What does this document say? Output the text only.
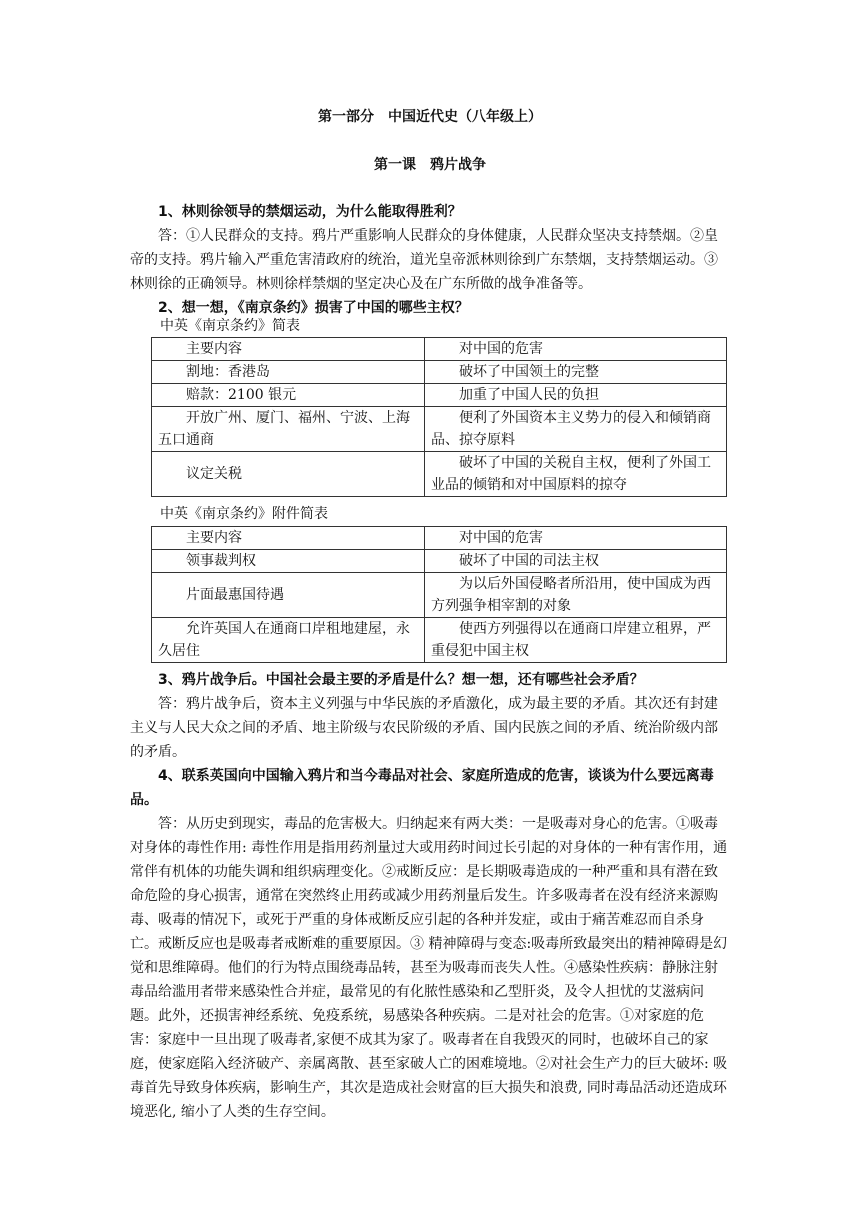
第一部分　中国近代史（八年级上）
第一课　鸦片战争
1、林则徐领导的禁烟运动，为什么能取得胜利？
答：①人民群众的支持。鸦片严重影响人民群众的身体健康，人民群众坚决支持禁烟。②皇帝的支持。鸦片输入严重危害清政府的统治，道光皇帝派林则徐到广东禁烟，支持禁烟运动。③林则徐的正确领导。林则徐样禁烟的坚定决心及在广东所做的战争准备等。
2、想一想，《南京条约》损害了中国的哪些主权？
中英《南京条约》简表
主要内容	对中国的危害
割地：香港岛	破坏了中国领土的完整
赔款：2100 银元	加重了中国人民的负担
开放广州、厦门、福州、宁波、上海五口通商	便利了外国资本主义势力的侵入和倾销商品、掠夺原料
议定关税	破坏了中国的关税自主权，便利了外国工业品的倾销和对中国原料的掠夺
中英《南京条约》附件简表
主要内容	对中国的危害
领事裁判权	破坏了中国的司法主权
片面最惠国待遇	为以后外国侵略者所沿用，使中国成为西方列强争相宰割的对象
允许英国人在通商口岸租地建屋，永久居住	使西方列强得以在通商口岸建立租界，严重侵犯中国主权
3、鸦片战争后。中国社会最主要的矛盾是什么？想一想，还有哪些社会矛盾？
答：鸦片战争后，资本主义列强与中华民族的矛盾激化，成为最主要的矛盾。其次还有封建主义与人民大众之间的矛盾、地主阶级与农民阶级的矛盾、国内民族之间的矛盾、统治阶级内部的矛盾。
4、联系英国向中国输入鸦片和当今毒品对社会、家庭所造成的危害，谈谈为什么要远离毒品。
答：从历史到现实，毒品的危害极大。归纳起来有两大类：一是吸毒对身心的危害。①吸毒对身体的毒性作用: 毒性作用是指用药剂量过大或用药时间过长引起的对身体的一种有害作用，通常伴有机体的功能失调和组织病理变化。②戒断反应：是长期吸毒造成的一种严重和具有潜在致命危险的身心损害，通常在突然终止用药或减少用药剂量后发生。许多吸毒者在没有经济来源购毒、吸毒的情况下，或死于严重的身体戒断反应引起的各种并发症，或由于痛苦难忍而自杀身亡。戒断反应也是吸毒者戒断难的重要原因。③ 精神障碍与变态:吸毒所致最突出的精神障碍是幻觉和思维障碍。他们的行为特点围绕毒品转，甚至为吸毒而丧失人性。④感染性疾病：静脉注射毒品给滥用者带来感染性合并症，最常见的有化脓性感染和乙型肝炎，及令人担忧的艾滋病问题。此外，还损害神经系统、免疫系统，易感染各种疾病。二是对社会的危害。①对家庭的危害：家庭中一旦出现了吸毒者,家便不成其为家了。吸毒者在自我毁灭的同时，也破坏自己的家庭，使家庭陷入经济破产、亲属离散、甚至家破人亡的困难境地。②对社会生产力的巨大破坏: 吸毒首先导致身体疾病，影响生产，其次是造成社会财富的巨大损失和浪费, 同时毒品活动还造成环境恶化, 缩小了人类的生存空间。
